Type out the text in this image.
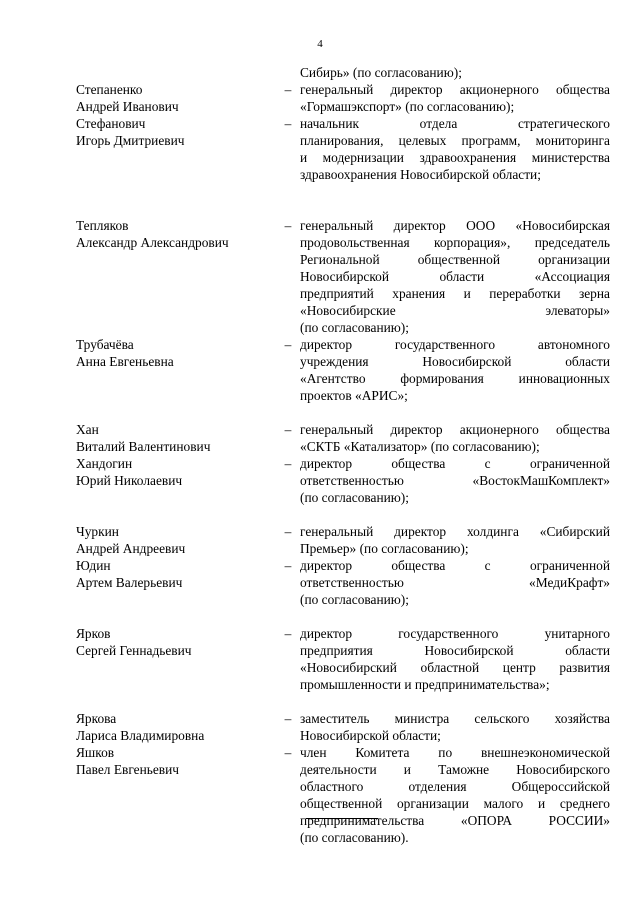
4
Сибирь» (по согласованию);
Степаненко
Андрей Иванович
– генеральный директор акционерного общества
«Гормашэкспорт» (по согласованию);
Стефанович
Игорь Дмитриевич
– начальник отдела стратегического
планирования, целевых программ, мониторинга
и модернизации здравоохранения министерства
здравоохранения Новосибирской области;
Тепляков
Александр Александрович
– генеральный директор ООО «Новосибирская
продовольственная корпорация», председатель
Региональной общественной организации
Новосибирской области «Ассоциация
предприятий хранения и переработки зерна
«Новосибирские элеваторы»
(по согласованию);
Трубачёва
Анна Евгеньевна
– директор государственного автономного
учреждения Новосибирской области
«Агентство формирования инновационных
проектов «АРИС»;
Хан
Виталий Валентинович
– генеральный директор акционерного общества
«СКТБ «Катализатор» (по согласованию);
Хандогин
Юрий Николаевич
– директор общества с ограниченной
ответственностью «ВостокМашКомплект»
(по согласованию);
Чуркин
Андрей Андреевич
– генеральный директор холдинга «Сибирский
Премьер» (по согласованию);
Юдин
Артем Валерьевич
– директор общества с ограниченной
ответственностью «МедиКрафт»
(по согласованию);
Ярков
Сергей Геннадьевич
– директор государственного унитарного
предприятия Новосибирской области
«Новосибирский областной центр развития
промышленности и предпринимательства»;
Яркова
Лариса Владимировна
– заместитель министра сельского хозяйства
Новосибирской области;
Яшков
Павел Евгеньевич
– член Комитета по внешнеэкономической
деятельности и Таможне Новосибирского
областного отделения Общероссийской
общественной организации малого и среднего
предпринимательства «ОПОРА РОССИИ»
(по согласованию).
